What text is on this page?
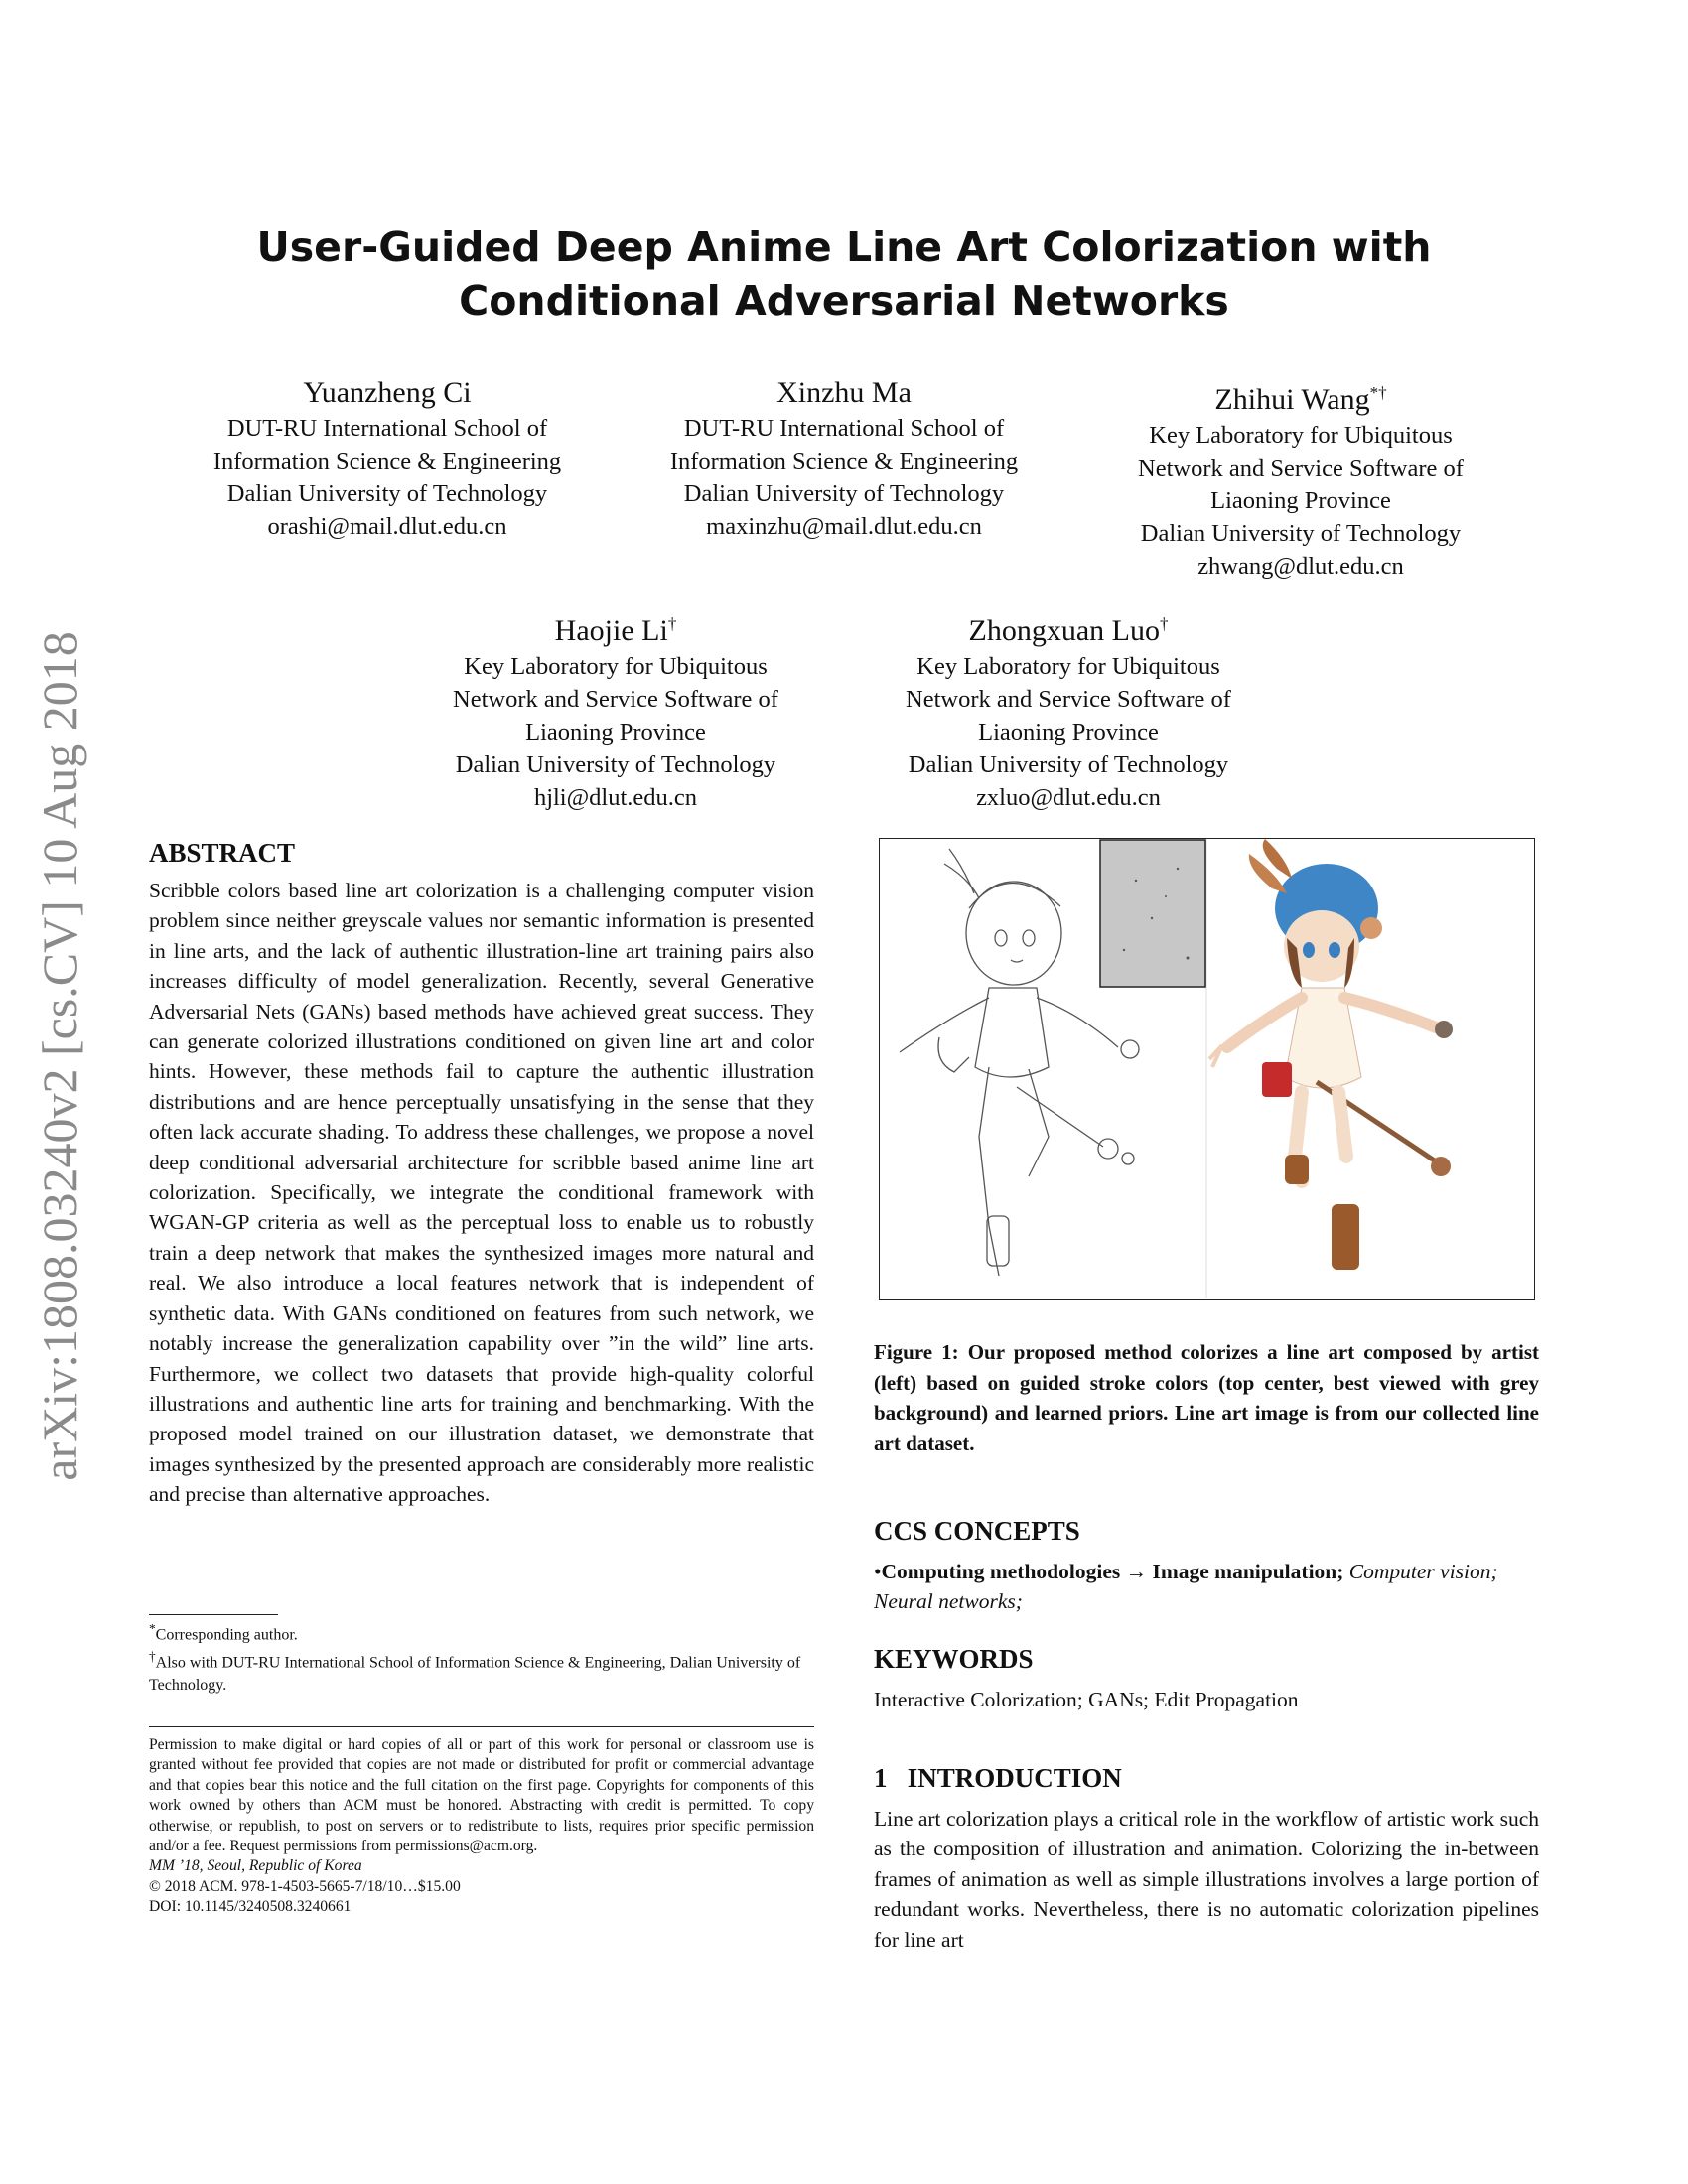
arXiv:1808.03240v2 [cs.CV] 10 Aug 2018
User-Guided Deep Anime Line Art Colorization with
Conditional Adversarial Networks
Yuanzheng Ci
DUT-RU International School of
Information Science & Engineering
Dalian University of Technology
orashi@mail.dlut.edu.cn
Xinzhu Ma
DUT-RU International School of
Information Science & Engineering
Dalian University of Technology
maxinzhu@mail.dlut.edu.cn
Zhihui Wang*†
Key Laboratory for Ubiquitous
Network and Service Software of
Liaoning Province
Dalian University of Technology
zhwang@dlut.edu.cn
Haojie Li†
Key Laboratory for Ubiquitous
Network and Service Software of
Liaoning Province
Dalian University of Technology
hjli@dlut.edu.cn
Zhongxuan Luo†
Key Laboratory for Ubiquitous
Network and Service Software of
Liaoning Province
Dalian University of Technology
zxluo@dlut.edu.cn
ABSTRACT
Scribble colors based line art colorization is a challenging computer vision problem since neither greyscale values nor semantic information is presented in line arts, and the lack of authentic illustration-line art training pairs also increases difficulty of model generalization. Recently, several Generative Adversarial Nets (GANs) based methods have achieved great success. They can generate colorized illustrations conditioned on given line art and color hints. However, these methods fail to capture the authentic illustration distributions and are hence perceptually unsatisfying in the sense that they often lack accurate shading. To address these challenges, we propose a novel deep conditional adversarial architecture for scribble based anime line art colorization. Specifically, we integrate the conditional framework with WGAN-GP criteria as well as the perceptual loss to enable us to robustly train a deep network that makes the synthesized images more natural and real. We also introduce a local features network that is independent of synthetic data. With GANs conditioned on features from such network, we notably increase the generalization capability over ”in the wild” line arts. Furthermore, we collect two datasets that provide high-quality colorful illustrations and authentic line arts for training and benchmarking. With the proposed model trained on our illustration dataset, we demonstrate that images synthesized by the presented approach are considerably more realistic and precise than alternative approaches.
*Corresponding author.
†Also with DUT-RU International School of Information Science & Engineering, Dalian University of Technology.
Permission to make digital or hard copies of all or part of this work for personal or classroom use is granted without fee provided that copies are not made or distributed for profit or commercial advantage and that copies bear this notice and the full citation on the first page. Copyrights for components of this work owned by others than ACM must be honored. Abstracting with credit is permitted. To copy otherwise, or republish, to post on servers or to redistribute to lists, requires prior specific permission and/or a fee. Request permissions from permissions@acm.org.
MM ’18, Seoul, Republic of Korea
© 2018 ACM. 978-1-4503-5665-7/18/10…$15.00
DOI: 10.1145/3240508.3240661
Figure 1: Our proposed method colorizes a line art composed by artist (left) based on guided stroke colors (top center, best viewed with grey background) and learned priors. Line art image is from our collected line art dataset.
CCS CONCEPTS
•Computing methodologies → Image manipulation; Computer vision; Neural networks;
KEYWORDS
Interactive Colorization; GANs; Edit Propagation
1   INTRODUCTION
Line art colorization plays a critical role in the workflow of artistic work such as the composition of illustration and animation. Colorizing the in-between frames of animation as well as simple illustrations involves a large portion of redundant works. Nevertheless, there is no automatic colorization pipelines for line art
